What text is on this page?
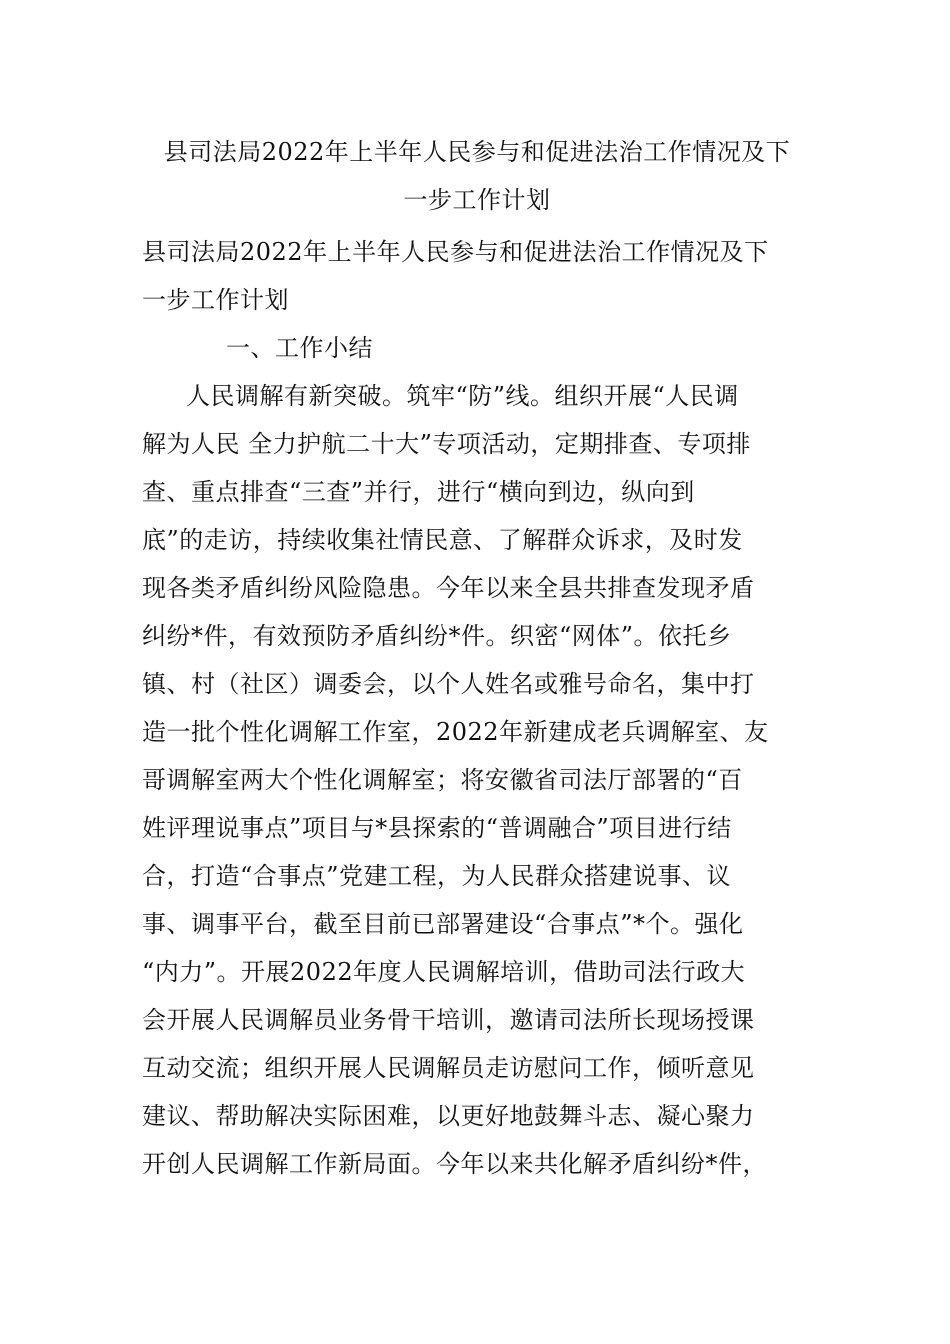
县司法局2022年上半年人民参与和促进法治工作情况及下
一步工作计划
县司法局2022年上半年人民参与和促进法治工作情况及下
一步工作计划
一、工作小结
人民调解有新突破。筑牢“防”线。组织开展“人民调
解为人民 全力护航二十大”专项活动，定期排查、专项排
查、重点排查“三查”并行，进行“横向到边，纵向到
底”的走访，持续收集社情民意、了解群众诉求，及时发
现各类矛盾纠纷风险隐患。今年以来全县共排查发现矛盾
纠纷*件，有效预防矛盾纠纷*件。织密“网体”。依托乡
镇、村（社区）调委会，以个人姓名或雅号命名，集中打
造一批个性化调解工作室，2022年新建成老兵调解室、友
哥调解室两大个性化调解室；将安徽省司法厅部署的“百
姓评理说事点”项目与*县探索的“普调融合”项目进行结
合，打造“合事点”党建工程，为人民群众搭建说事、议
事、调事平台，截至目前已部署建设“合事点”*个。强化
“内力”。开展2022年度人民调解培训，借助司法行政大
会开展人民调解员业务骨干培训，邀请司法所长现场授课
互动交流；组织开展人民调解员走访慰问工作，倾听意见
建议、帮助解决实际困难，以更好地鼓舞斗志、凝心聚力
开创人民调解工作新局面。今年以来共化解矛盾纠纷*件，
